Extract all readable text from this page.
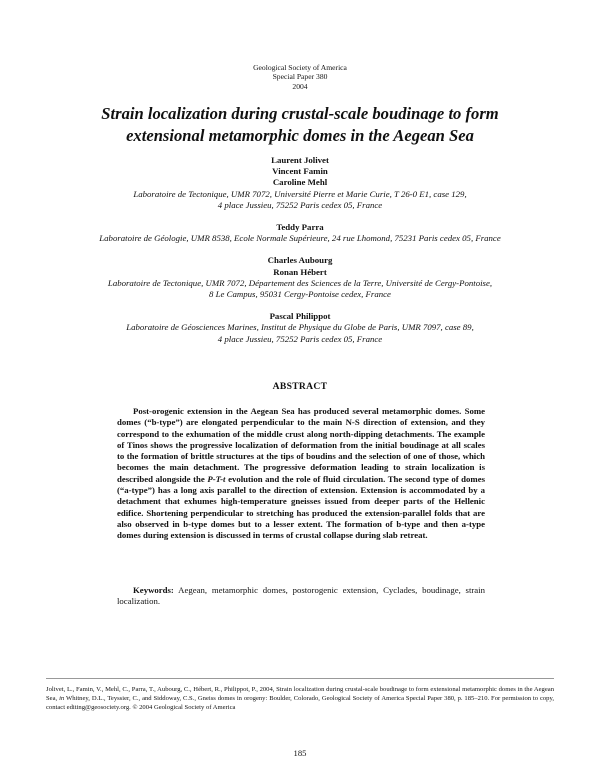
Geological Society of America
Special Paper 380
2004
Strain localization during crustal-scale boudinage to form
extensional metamorphic domes in the Aegean Sea
Laurent Jolivet
Vincent Famin
Caroline Mehl
Laboratoire de Tectonique, UMR 7072, Université Pierre et Marie Curie, T 26-0 E1, case 129,
4 place Jussieu, 75252 Paris cedex 05, France
Teddy Parra
Laboratoire de Géologie, UMR 8538, Ecole Normale Supérieure, 24 rue Lhomond, 75231 Paris cedex 05, France
Charles Aubourg
Ronan Hébert
Laboratoire de Tectonique, UMR 7072, Département des Sciences de la Terre, Université de Cergy-Pontoise,
8 Le Campus, 95031 Cergy-Pontoise cedex, France
Pascal Philippot
Laboratoire de Géosciences Marines, Institut de Physique du Globe de Paris, UMR 7097, case 89,
4 place Jussieu, 75252 Paris cedex 05, France
ABSTRACT

Post-orogenic extension in the Aegean Sea has produced several metamorphic domes. Some domes (“b-type”) are elongated perpendicular to the main N-S direction of extension, and they correspond to the exhumation of the middle crust along north-dipping detachments. The example of Tinos shows the progressive localization of deformation from the initial boudinage at all scales to the formation of brittle structures at the tips of boudins and the selection of one of those, which becomes the main detachment. The progressive deformation leading to strain localization is described alongside the P-T-t evolution and the role of fluid circulation. The second type of domes (“a-type”) has a long axis parallel to the direction of extension. Extension is accommodated by a detachment that exhumes high-temperature gneisses issued from deeper parts of the Hellenic edifice. Shortening perpendicular to stretching has produced the extension-parallel folds that are also observed in b-type domes but to a lesser extent. The formation of b-type and then a-type domes during extension is discussed in terms of crustal collapse during slab retreat.

Keywords: Aegean, metamorphic domes, postorogenic extension, Cyclades, boudinage, strain localization.

Jolivet, L., Famin, V., Mehl, C., Parra, T., Aubourg, C., Hébert, R., Philippot, P., 2004, Strain localization during crustal-scale boudinage to form extensional metamorphic domes in the Aegean Sea, in Whitney, D.L., Teyssier, C., and Siddoway, C.S., Gneiss domes in orogeny: Boulder, Colorado, Geological Society of America Special Paper 380, p. 185–210. For permission to copy, contact editing@geosociety.org. © 2004 Geological Society of America

185
